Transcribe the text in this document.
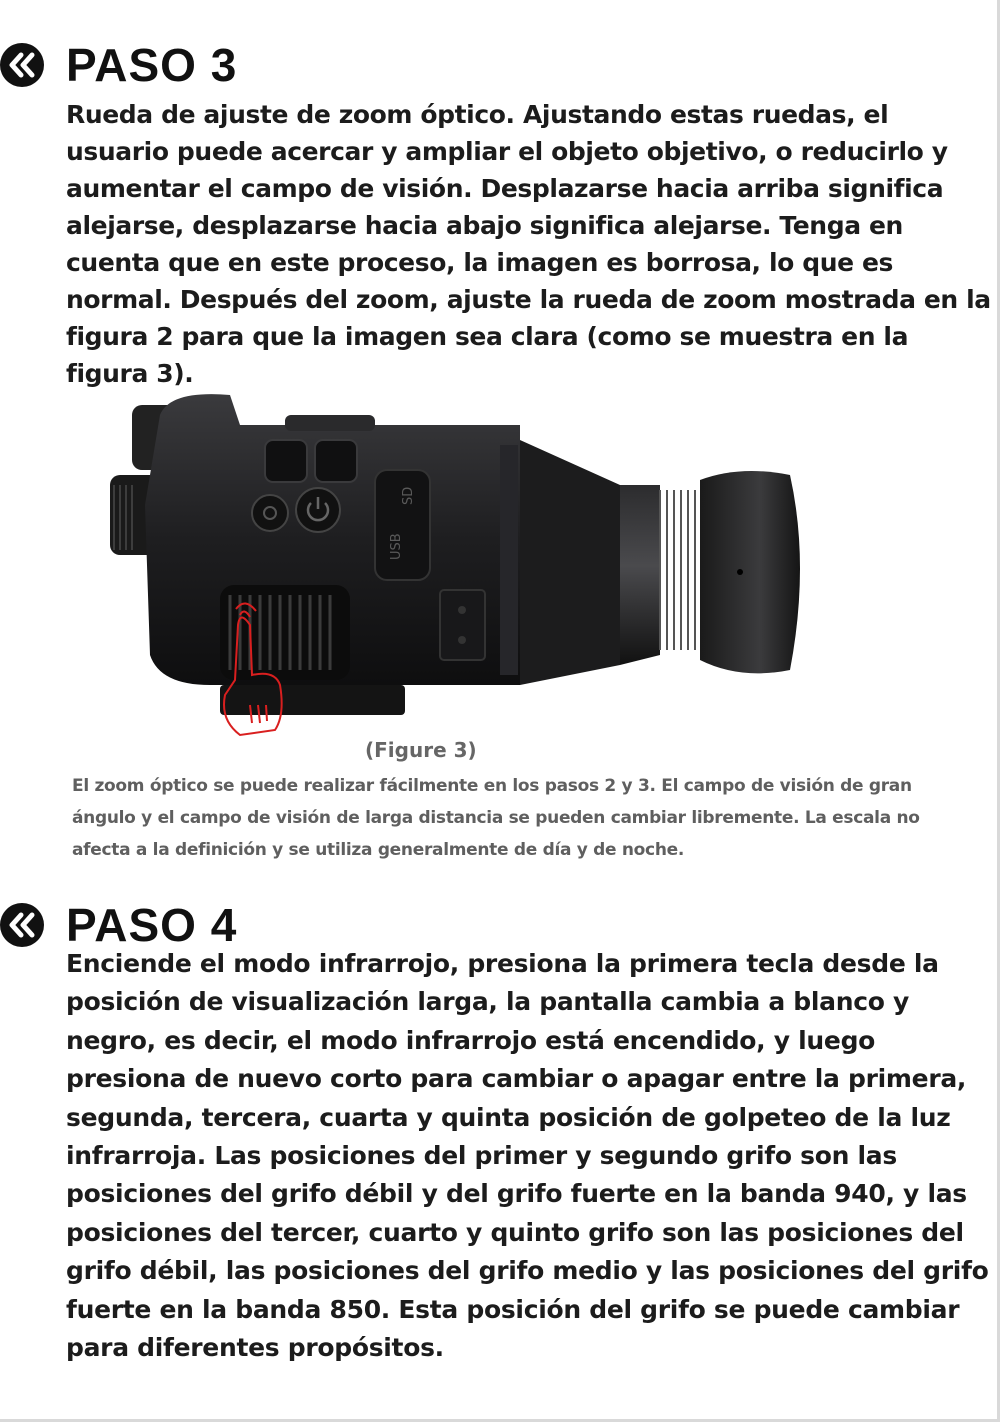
PASO 3

Rueda de ajuste de zoom óptico. Ajustando estas ruedas, el usuario puede acercar y ampliar el objeto objetivo, o reducirlo y aumentar el campo de visión. Desplazarse hacia arriba significa alejarse, desplazarse hacia abajo significa alejarse. Tenga en cuenta que en este proceso, la imagen es borrosa, lo que es normal. Después del zoom, ajuste la rueda de zoom mostrada en la figura 2 para que la imagen sea clara (como se muestra en la figura 3).

USB
SD
(Figure 3)

El zoom óptico se puede realizar fácilmente en los pasos 2 y 3. El campo de visión de gran ángulo y el campo de visión de larga distancia se pueden cambiar libremente. La escala no afecta a la definición y se utiliza generalmente de día y de noche.

PASO 4

Enciende el modo infrarrojo, presiona la primera tecla desde la posición de visualización larga, la pantalla cambia a blanco y negro, es decir, el modo infrarrojo está encendido, y luego presiona de nuevo corto para cambiar o apagar entre la primera, segunda, tercera, cuarta y quinta posición de golpeteo de la luz infrarroja. Las posiciones del primer y segundo grifo son las posiciones del grifo débil y del grifo fuerte en la banda 940, y las posiciones del tercer, cuarto y quinto grifo son las posiciones del grifo débil, las posiciones del grifo medio y las posiciones del grifo fuerte en la banda 850. Esta posición del grifo se puede cambiar para diferentes propósitos.
